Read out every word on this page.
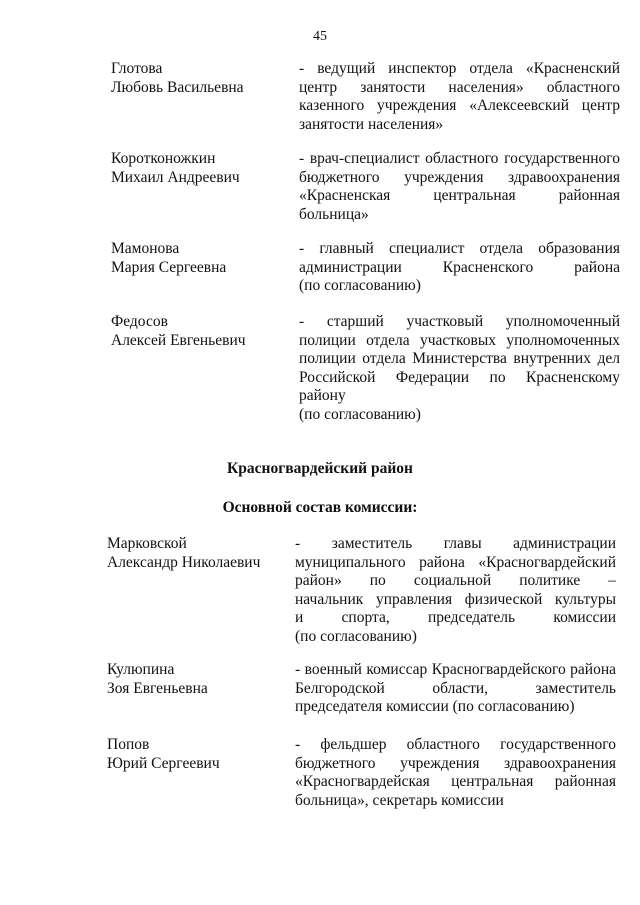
45
Глотова
Любовь Васильевна
- ведущий инспектор отдела «Красненский
центр занятости населения» областного
казенного учреждения «Алексеевский центр
занятости населения»
Коротконожкин
Михаил Андреевич
- врач-специалист областного государственного
бюджетного учреждения здравоохранения
«Красненская центральная районная
больница»
Мамонова
Мария Сергеевна
- главный специалист отдела образования
администрации Красненского района
(по согласованию)
Федосов
Алексей Евгеньевич
- старший участковый уполномоченный
полиции отдела участковых уполномоченных
полиции отдела Министерства внутренних дел
Российской Федерации по Красненскому району
(по согласованию)
Красногвардейский район
Основной состав комиссии:
Марковской
Александр Николаевич
- заместитель главы администрации
муниципального района «Красногвардейский
район» по социальной политике –
начальник управления физической культуры
и спорта, председатель комиссии
(по согласованию)
Кулюпина
Зоя Евгеньевна
- военный комиссар Красногвардейского района
Белгородской области, заместитель
председателя комиссии (по согласованию)
Попов
Юрий Сергеевич
- фельдшер областного государственного
бюджетного учреждения здравоохранения
«Красногвардейская центральная районная
больница», секретарь комиссии
